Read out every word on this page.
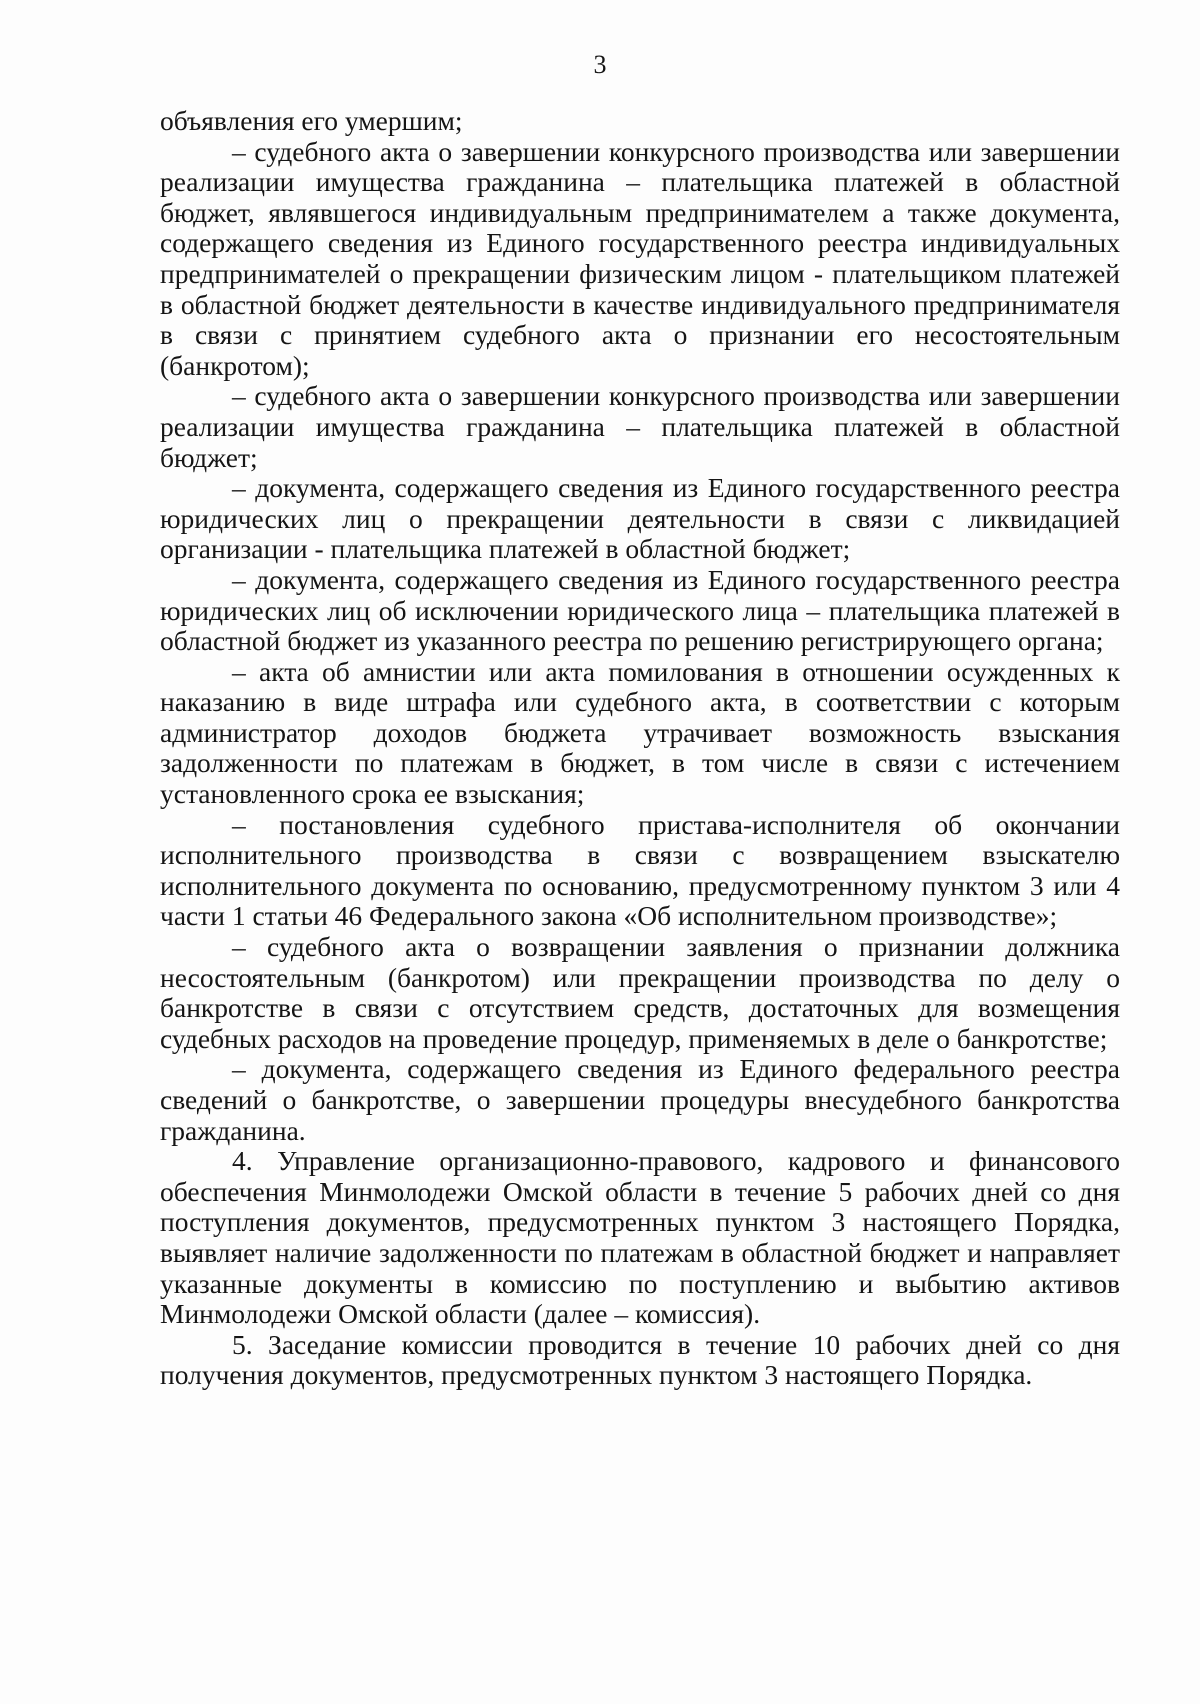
3

объявления его умершим;

– судебного акта о завершении конкурсного производства или завершении реализации имущества гражданина – плательщика платежей в областной бюджет, являвшегося индивидуальным предпринимателем а также документа, содержащего сведения из Единого государственного реестра индивидуальных предпринимателей о прекращении физическим лицом - плательщиком платежей в областной бюджет деятельности в качестве индивидуального предпринимателя в связи с принятием судебного акта о признании его несостоятельным (банкротом);

– судебного акта о завершении конкурсного производства или завершении реализации имущества гражданина – плательщика платежей в областной бюджет;

– документа, содержащего сведения из Единого государственного реестра юридических лиц о прекращении деятельности в связи с ликвидацией организации - плательщика платежей в областной бюджет;

– документа, содержащего сведения из Единого государственного реестра юридических лиц об исключении юридического лица – плательщика платежей в областной бюджет из указанного реестра по решению регистрирующего органа;

– акта об амнистии или акта помилования в отношении осужденных к наказанию в виде штрафа или судебного акта, в соответствии с которым администратор доходов бюджета утрачивает возможность взыскания задолженности по платежам в бюджет, в том числе в связи с истечением установленного срока ее взыскания;

– постановления судебного пристава-исполнителя об окончании исполнительного производства в связи с возвращением взыскателю исполнительного документа по основанию, предусмотренному пунктом 3 или 4 части 1 статьи 46 Федерального закона «Об исполнительном производстве»;

– судебного акта о возвращении заявления о признании должника несостоятельным (банкротом) или прекращении производства по делу о банкротстве в связи с отсутствием средств, достаточных для возмещения судебных расходов на проведение процедур, применяемых в деле о банкротстве;

– документа, содержащего сведения из Единого федерального реестра сведений о банкротстве, о завершении процедуры внесудебного банкротства гражданина.

4. Управление организационно-правового, кадрового и финансового обеспечения Минмолодежи Омской области в течение 5 рабочих дней со дня поступления документов, предусмотренных пунктом 3 настоящего Порядка, выявляет наличие задолженности по платежам в областной бюджет и направляет указанные документы в комиссию по поступлению и выбытию активов Минмолодежи Омской области (далее – комиссия).

5. Заседание комиссии проводится в течение 10 рабочих дней со дня получения документов, предусмотренных пунктом 3 настоящего Порядка.
